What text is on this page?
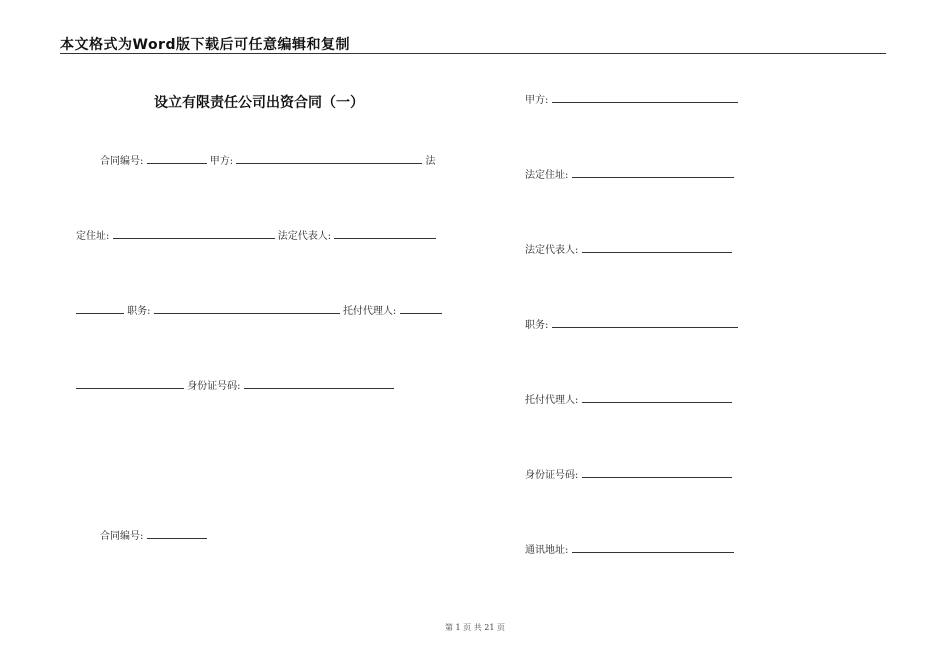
本文格式为Word版下载后可任意编辑和复制
设立有限责任公司出资合同（一）
合同编号:	甲方:	法
定住址:	法定代表人:
职务:	托付代理人:
身份证号码:
合同编号:
甲方:
法定住址:
法定代表人:
职务:
托付代理人:
身份证号码:
通讯地址:
第 1 页 共 21 页
